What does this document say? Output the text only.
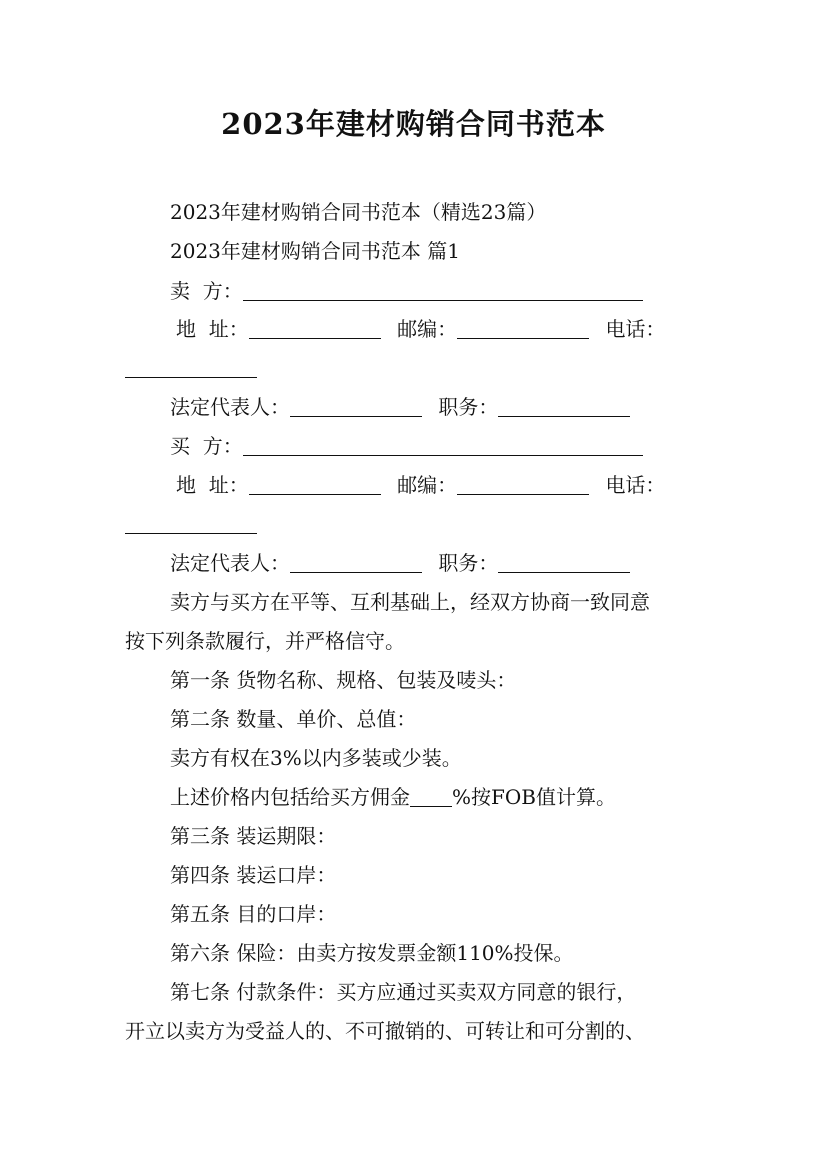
2023年建材购销合同书范本
2023年建材购销合同书范本（精选23篇）
2023年建材购销合同书范本 篇1
卖  方：
地  址：	邮编：	电话：
法定代表人：	职务：
买  方：
地  址：	邮编：	电话：
法定代表人：	职务：
卖方与买方在平等、互利基础上，经双方协商一致同意
按下列条款履行，并严格信守。
第一条 货物名称、规格、包装及唛头：
第二条 数量、单价、总值：
卖方有权在3%以内多装或少装。
上述价格内包括给买方佣金 %按FOB值计算。
第三条 装运期限：
第四条 装运口岸：
第五条 目的口岸：
第六条 保险：由卖方按发票金额110%投保。
第七条 付款条件：买方应通过买卖双方同意的银行，
开立以卖方为受益人的、不可撤销的、可转让和可分割的、
